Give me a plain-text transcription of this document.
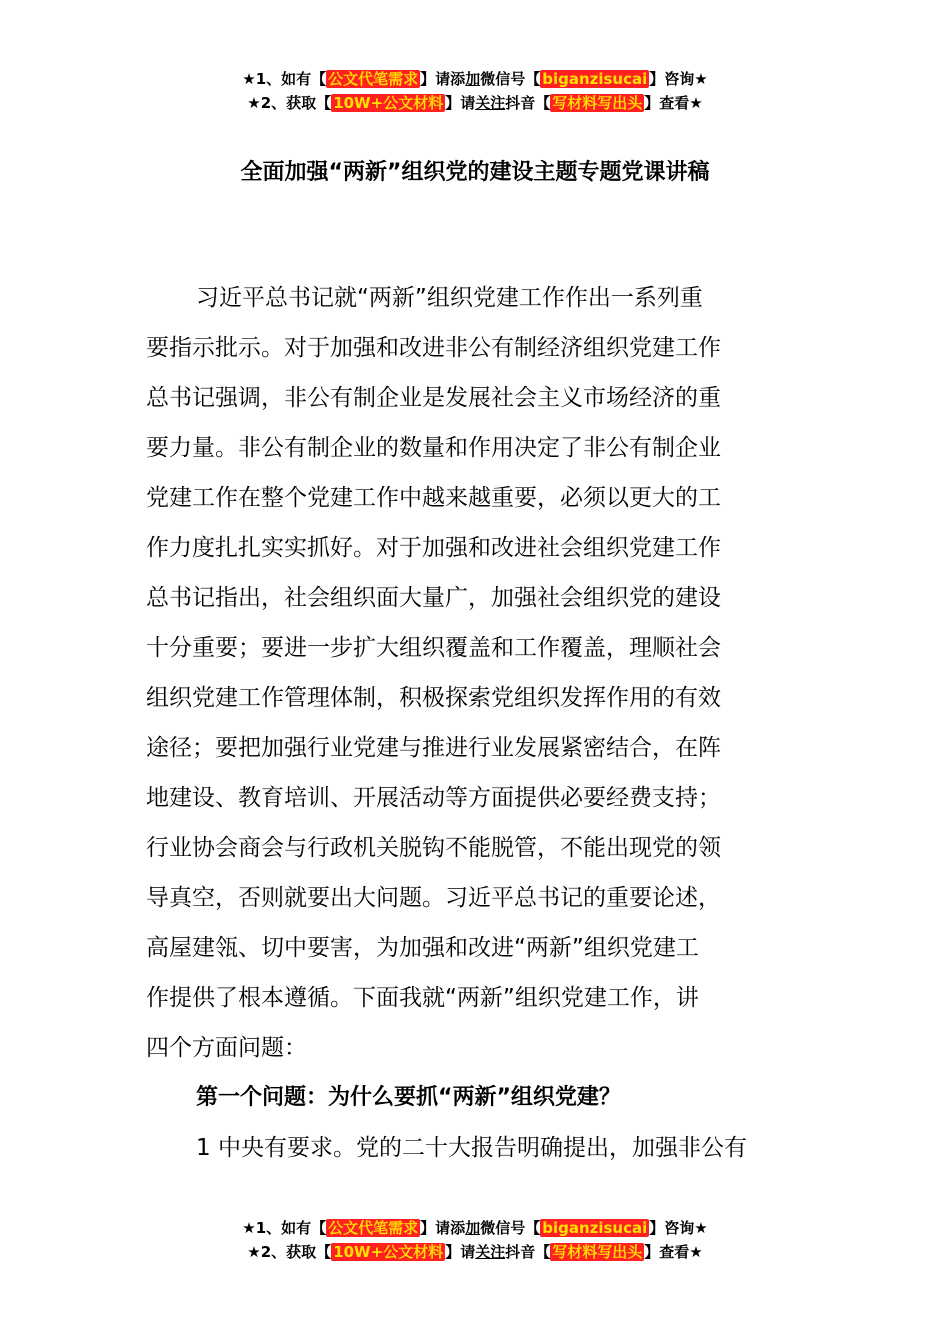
★1、如有【 公文代笔需求 】请添加微信号【 biganzisucai 】咨询★
★2、获取【 10W+公文材料 】请关注抖音【 写材料写出头 】查看★
全面加强“两新”组织党的建设主题专题党课讲稿
习近平总书记就“两新”组织党建工作作出一系列重
要指示批示。对于加强和改进非公有制经济组织党建工作
总书记强调，非公有制企业是发展社会主义市场经济的重
要力量。非公有制企业的数量和作用决定了非公有制企业
党建工作在整个党建工作中越来越重要，必须以更大的工
作力度扎扎实实抓好。对于加强和改进社会组织党建工作
总书记指出，社会组织面大量广，加强社会组织党的建设
十分重要；要进一步扩大组织覆盖和工作覆盖，理顺社会
组织党建工作管理体制，积极探索党组织发挥作用的有效
途径；要把加强行业党建与推进行业发展紧密结合，在阵
地建设、教育培训、开展活动等方面提供必要经费支持；
行业协会商会与行政机关脱钩不能脱管，不能出现党的领
导真空，否则就要出大问题。习近平总书记的重要论述，
高屋建瓴、切中要害，为加强和改进“两新”组织党建工
作提供了根本遵循。下面我就“两新”组织党建工作，讲
四个方面问题：
第一个问题：为什么要抓“两新”组织党建？
1 中央有要求。党的二十大报告明确提出，加强非公有
★1、如有【 公文代笔需求 】请添加微信号【 biganzisucai 】咨询★
★2、获取【 10W+公文材料 】请关注抖音【 写材料写出头 】查看★
